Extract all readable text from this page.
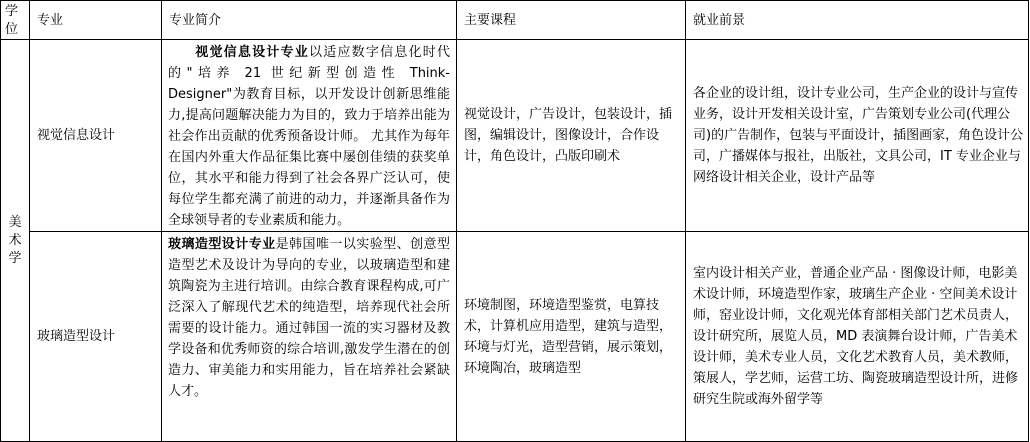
学位	专业	专业简介	主要课程	就业前景

美
术
学	视觉信息设计	视觉信息设计专业以适应数字信息化时代的"培养 21 世纪新型创造性 Think-Designer"为教育目标，以开发设计创新思维能力,提高问题解决能力为目的，致力于培养出能为社会作出贡献的优秀预备设计师。 尤其作为每年在国内外重大作品征集比赛中屡创佳绩的获奖单位，其水平和能力得到了社会各界广泛认可，使每位学生都充满了前进的动力，并逐渐具备作为全球领导者的专业素质和能力。	视觉设计，广告设计，包装设计，插图，编辑设计，图像设计，合作设计，角色设计，凸版印刷术	各企业的设计组，设计专业公司，生产企业的设计与宣传业务，设计开发相关设计室，广告策划专业公司(代理公司)的广告制作，包装与平面设计，插图画家，角色设计公司，广播媒体与报社，出版社，文具公司，IT 专业企业与网络设计相关企业，设计产品等
	玻璃造型设计	玻璃造型设计专业是韩国唯一以实验型、创意型造型艺术及设计为导向的专业，以玻璃造型和建筑陶瓷为主进行培训。由综合教育课程构成,可广泛深入了解现代艺术的纯造型，培养现代社会所需要的设计能力。通过韩国一流的实习器材及教学设备和优秀师资的综合培训,激发学生潜在的创造力、审美能力和实用能力，旨在培养社会紧缺人才。	环境制图，环境造型鉴赏，电算技术，计算机应用造型，建筑与造型，环境与灯光，造型营销，展示策划，环境陶冶，玻璃造型	室内设计相关产业，普通企业产品 · 图像设计师，电影美术设计师，环境造型作家，玻璃生产企业 · 空间美术设计师，窑业设计师，文化观光体育部相关部门艺术员责人，设计研究所，展览人员，MD 表演舞台设计师，广告美术设计师，美术专业人员，文化艺术教育人员，美术教师，策展人，学艺师，运营工坊、陶瓷玻璃造型设计所，进修研究生院或海外留学等
